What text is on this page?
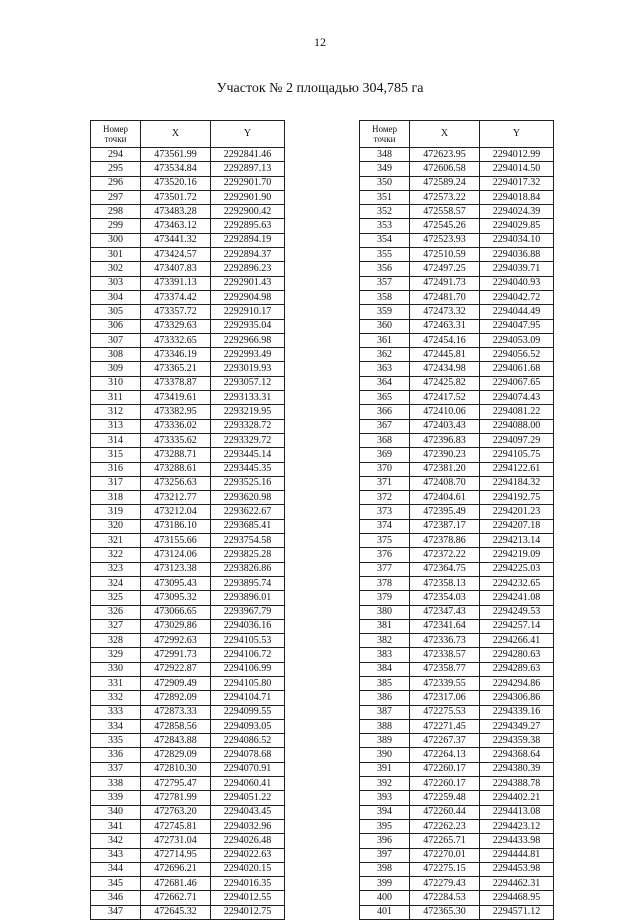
12
Участок № 2 площадью 304,785 га
Номер
точки	X	Y
294	473561.99	2292841.46
295	473534.84	2292897.13
296	473520.16	2292901.70
297	473501.72	2292901.90
298	473483.28	2292900.42
299	473463.12	2292895.63
300	473441.32	2292894.19
301	473424.57	2292894.37
302	473407.83	2292896.23
303	473391.13	2292901.43
304	473374.42	2292904.98
305	473357.72	2292910.17
306	473329.63	2292935.04
307	473332.65	2292966.98
308	473346.19	2292993.49
309	473365.21	2293019.93
310	473378.87	2293057.12
311	473419.61	2293133.31
312	473382.95	2293219.95
313	473336.02	2293328.72
314	473335.62	2293329.72
315	473288.71	2293445.14
316	473288.61	2293445.35
317	473256.63	2293525.16
318	473212.77	2293620.98
319	473212.04	2293622.67
320	473186.10	2293685.41
321	473155.66	2293754.58
322	473124.06	2293825.28
323	473123.38	2293826.86
324	473095.43	2293895.74
325	473095.32	2293896.01
326	473066.65	2293967.79
327	473029.86	2294036.16
328	472992.63	2294105.53
329	472991.73	2294106.72
330	472922.87	2294106.99
331	472909.49	2294105.80
332	472892.09	2294104.71
333	472873.33	2294099.55
334	472858.56	2294093.05
335	472843.88	2294086.52
336	472829.09	2294078.68
337	472810.30	2294070.91
338	472795.47	2294060.41
339	472781.99	2294051.22
340	472763.20	2294043.45
341	472745.81	2294032.96
342	472731.04	2294026.48
343	472714.95	2294022.63
344	472696.21	2294020.15
345	472681.46	2294016.35
346	472662.71	2294012.55
347	472645.32	2294012.75
Номер
точки	X	Y
348	472623.95	2294012.99
349	472606.58	2294014.50
350	472589.24	2294017.32
351	472573.22	2294018.84
352	472558.57	2294024.39
353	472545.26	2294029.85
354	472523.93	2294034.10
355	472510.59	2294036.88
356	472497.25	2294039.71
357	472491.73	2294040.93
358	472481.70	2294042.72
359	472473.32	2294044.49
360	472463.31	2294047.95
361	472454.16	2294053.09
362	472445.81	2294056.52
363	472434.98	2294061.68
364	472425.82	2294067.65
365	472417.52	2294074.43
366	472410.06	2294081.22
367	472403.43	2294088.00
368	472396.83	2294097.29
369	472390.23	2294105.75
370	472381.20	2294122.61
371	472408.70	2294184.32
372	472404.61	2294192.75
373	472395.49	2294201.23
374	472387.17	2294207.18
375	472378.86	2294213.14
376	472372.22	2294219.09
377	472364.75	2294225.03
378	472358.13	2294232.65
379	472354.03	2294241.08
380	472347.43	2294249.53
381	472341.64	2294257.14
382	472336.73	2294266.41
383	472338.57	2294280.63
384	472358.77	2294289.63
385	472339.55	2294294.86
386	472317.06	2294306.86
387	472275.53	2294339.16
388	472271.45	2294349.27
389	472267.37	2294359.38
390	472264.13	2294368.64
391	472260.17	2294380.39
392	472260.17	2294388.78
393	472259.48	2294402.21
394	472260.44	2294413.08
395	472262.23	2294423.12
396	472265.71	2294433.98
397	472270.01	2294444.81
398	472275.15	2294453.98
399	472279.43	2294462.31
400	472284.53	2294468.95
401	472365.30	2294571.12
